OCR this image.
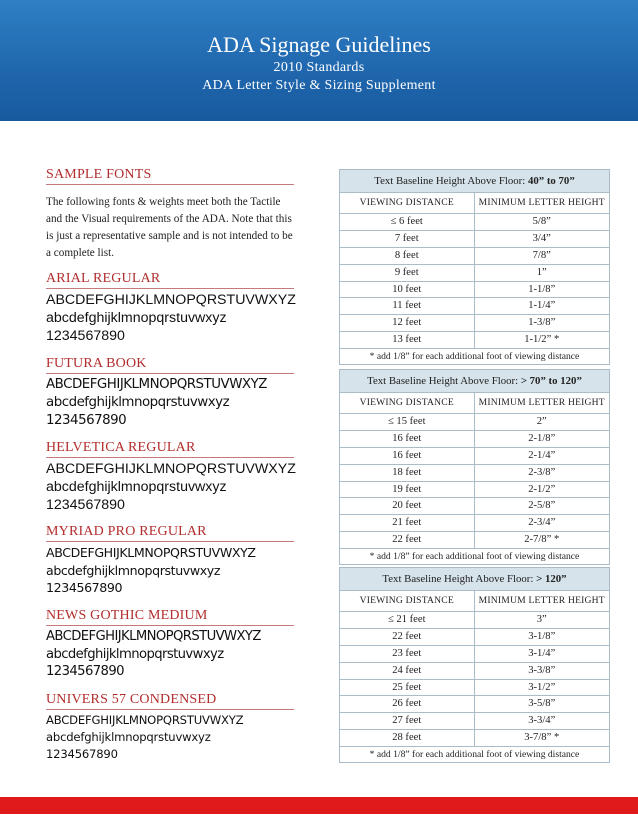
ADA Signage Guidelines
2010 Standards
ADA Letter Style & Sizing Supplement
SAMPLE FONTS
The following fonts & weights meet both the Tactile and the Visual requirements of the ADA. Note that this is just a representative sample and is not intended to be a complete list.
ARIAL REGULAR
ABCDEFGHIJKLMNOPQRSTUVWXYZ
abcdefghijklmnopqrstuvwxyz
1234567890
FUTURA BOOK
ABCDEFGHIJKLMNOPQRSTUVWXYZ
abcdefghijklmnopqrstuvwxyz
1234567890
HELVETICA REGULAR
ABCDEFGHIJKLMNOPQRSTUVWXYZ
abcdefghijklmnopqrstuvwxyz
1234567890
MYRIAD PRO REGULAR
ABCDEFGHIJKLMNOPQRSTUVWXYZ
abcdefghijklmnopqrstuvwxyz
1234567890
NEWS GOTHIC MEDIUM
ABCDEFGHIJKLMNOPQRSTUVWXYZ
abcdefghijklmnopqrstuvwxyz
1234567890
UNIVERS 57 CONDENSED
ABCDEFGHIJKLMNOPQRSTUVWXYZ
abcdefghijklmnopqrstuvwxyz
1234567890
Text Baseline Height Above Floor: 40” to 70”
VIEWING DISTANCE	MINIMUM LETTER HEIGHT
≤ 6 feet	5/8”
7 feet	3/4”
8 feet	7/8”
9 feet	1”
10 feet	1-1/8”
11 feet	1-1/4”
12 feet	1-3/8”
13 feet	1-1/2” *
* add 1/8” for each additional foot of viewing distance
Text Baseline Height Above Floor: > 70” to 120”
VIEWING DISTANCE	MINIMUM LETTER HEIGHT
≤ 15 feet	2”
16 feet	2-1/8”
16 feet	2-1/4”
18 feet	2-3/8”
19 feet	2-1/2”
20 feet	2-5/8”
21 feet	2-3/4”
22 feet	2-7/8” *
* add 1/8” for each additional foot of viewing distance
Text Baseline Height Above Floor: > 120”
VIEWING DISTANCE	MINIMUM LETTER HEIGHT
≤ 21 feet	3”
22 feet	3-1/8”
23 feet	3-1/4”
24 feet	3-3/8”
25 feet	3-1/2”
26 feet	3-5/8”
27 feet	3-3/4”
28 feet	3-7/8” *
* add 1/8” for each additional foot of viewing distance
